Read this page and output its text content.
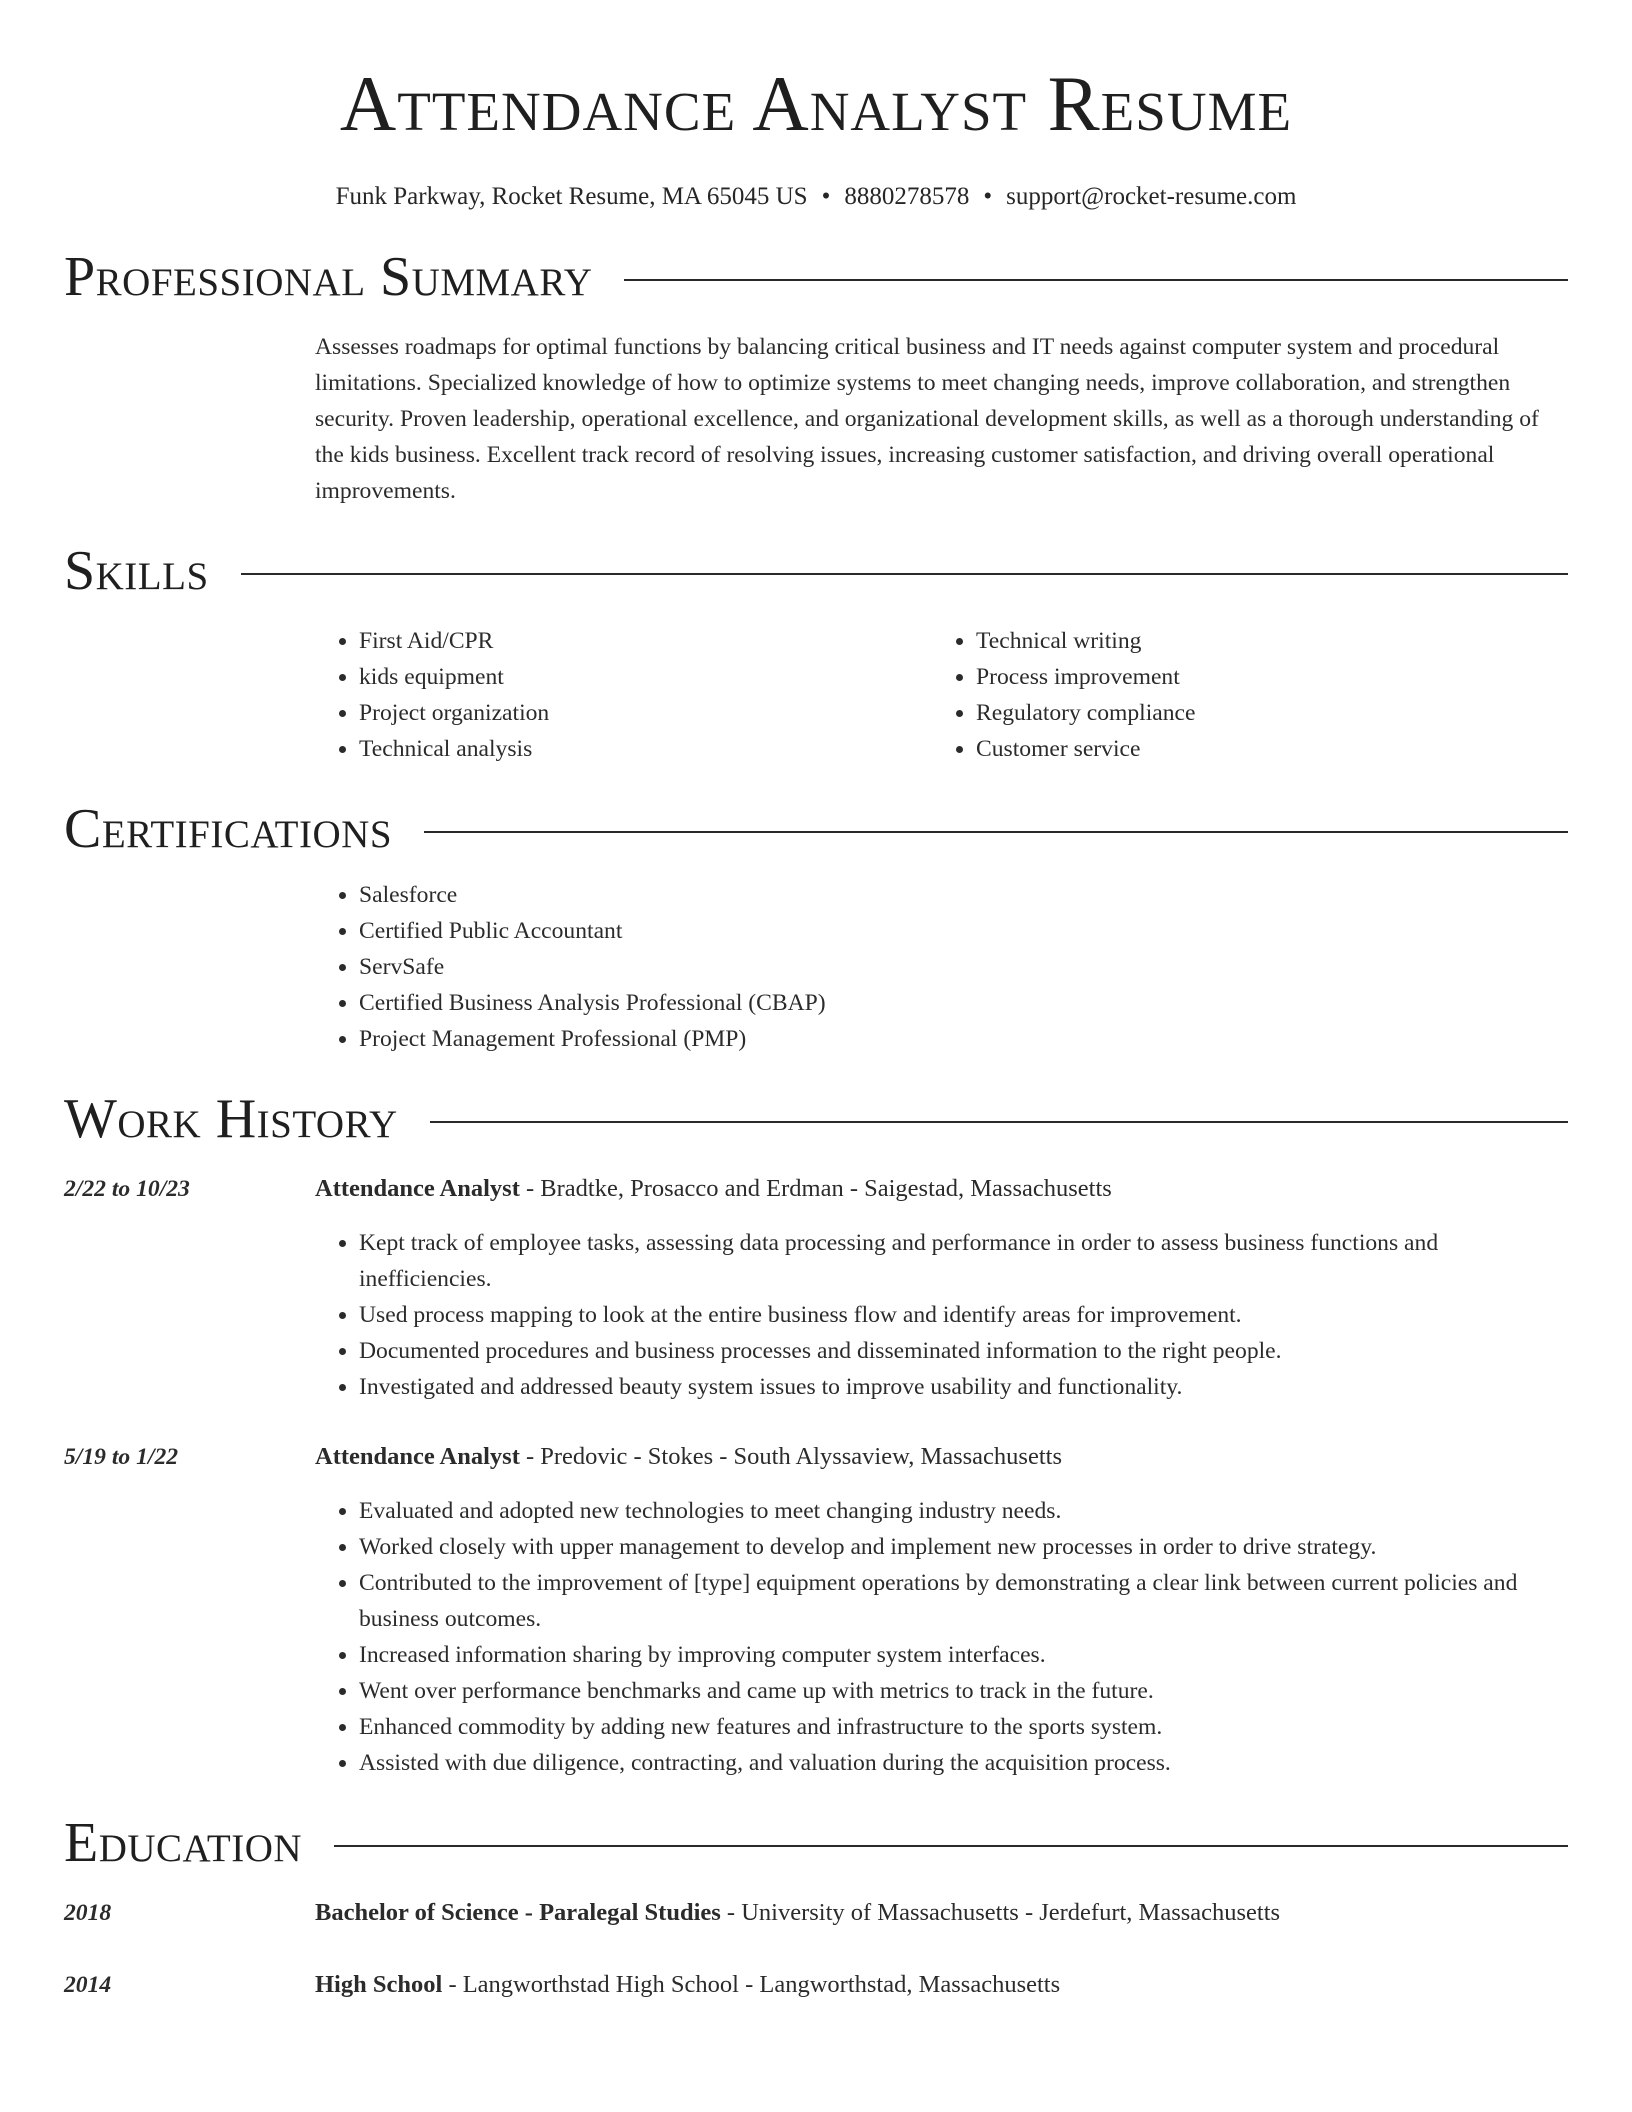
Attendance Analyst Resume
Funk Parkway, Rocket Resume, MA 65045 US • 8880278578 • support@rocket-resume.com
Professional Summary
Assesses roadmaps for optimal functions by balancing critical business and IT needs against computer system and procedural limitations. Specialized knowledge of how to optimize systems to meet changing needs, improve collaboration, and strengthen security. Proven leadership, operational excellence, and organizational development skills, as well as a thorough understanding of the kids business. Excellent track record of resolving issues, increasing customer satisfaction, and driving overall operational improvements.
Skills
• First Aid/CPR
• kids equipment
• Project organization
• Technical analysis
• Technical writing
• Process improvement
• Regulatory compliance
• Customer service
Certifications
• Salesforce
• Certified Public Accountant
• ServSafe
• Certified Business Analysis Professional (CBAP)
• Project Management Professional (PMP)
Work History
2/22 to 10/23	Attendance Analyst - Bradtke, Prosacco and Erdman - Saigestad, Massachusetts
• Kept track of employee tasks, assessing data processing and performance in order to assess business functions and inefficiencies.
• Used process mapping to look at the entire business flow and identify areas for improvement.
• Documented procedures and business processes and disseminated information to the right people.
• Investigated and addressed beauty system issues to improve usability and functionality.
5/19 to 1/22	Attendance Analyst - Predovic - Stokes - South Alyssaview, Massachusetts
• Evaluated and adopted new technologies to meet changing industry needs.
• Worked closely with upper management to develop and implement new processes in order to drive strategy.
• Contributed to the improvement of [type] equipment operations by demonstrating a clear link between current policies and business outcomes.
• Increased information sharing by improving computer system interfaces.
• Went over performance benchmarks and came up with metrics to track in the future.
• Enhanced commodity by adding new features and infrastructure to the sports system.
• Assisted with due diligence, contracting, and valuation during the acquisition process.
Education
2018	Bachelor of Science - Paralegal Studies - University of Massachusetts - Jerdefurt, Massachusetts
2014	High School - Langworthstad High School - Langworthstad, Massachusetts
